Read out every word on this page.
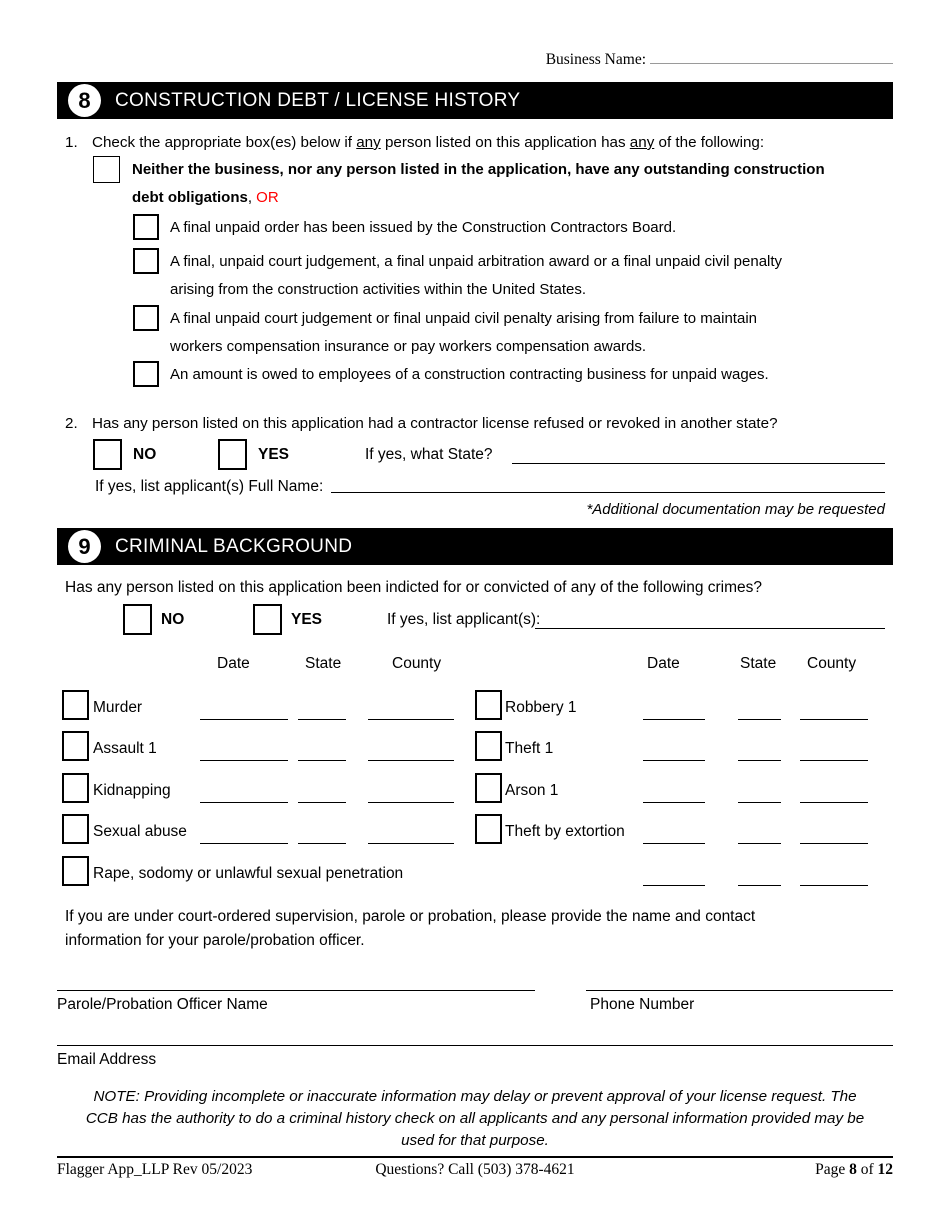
Business Name:
8	CONSTRUCTION DEBT / LICENSE HISTORY
1. Check the appropriate box(es) below if any person listed on this application has any of the following:
Neither the business, nor any person listed in the application, have any outstanding construction
debt obligations, OR
A final unpaid order has been issued by the Construction Contractors Board.
A final, unpaid court judgement, a final unpaid arbitration award or a final unpaid civil penalty
arising from the construction activities within the United States.
A final unpaid court judgement or final unpaid civil penalty arising from failure to maintain
workers compensation insurance or pay workers compensation awards.
An amount is owed to employees of a construction contracting business for unpaid wages.
2. Has any person listed on this application had a contractor license refused or revoked in another state?
NO	YES	If yes, what State?
If yes, list applicant(s) Full Name:
*Additional documentation may be requested
9	CRIMINAL BACKGROUND
Has any person listed on this application been indicted for or convicted of any of the following crimes?
NO	YES	If yes, list applicant(s):
Date	State	County	Date	State County
Murder	Robbery 1
Assault 1	Theft 1
Kidnapping	Arson 1
Sexual abuse	Theft by extortion
Rape, sodomy or unlawful sexual penetration
If you are under court-ordered supervision, parole or probation, please provide the name and contact
information for your parole/probation officer.
Parole/Probation Officer Name	Phone Number
Email Address
NOTE: Providing incomplete or inaccurate information may delay or prevent approval of your license request. The
CCB has the authority to do a criminal history check on all applicants and any personal information provided may be
used for that purpose.
Flagger App_LLP Rev 05/2023	Questions? Call (503) 378-4621	Page 8 of 12
